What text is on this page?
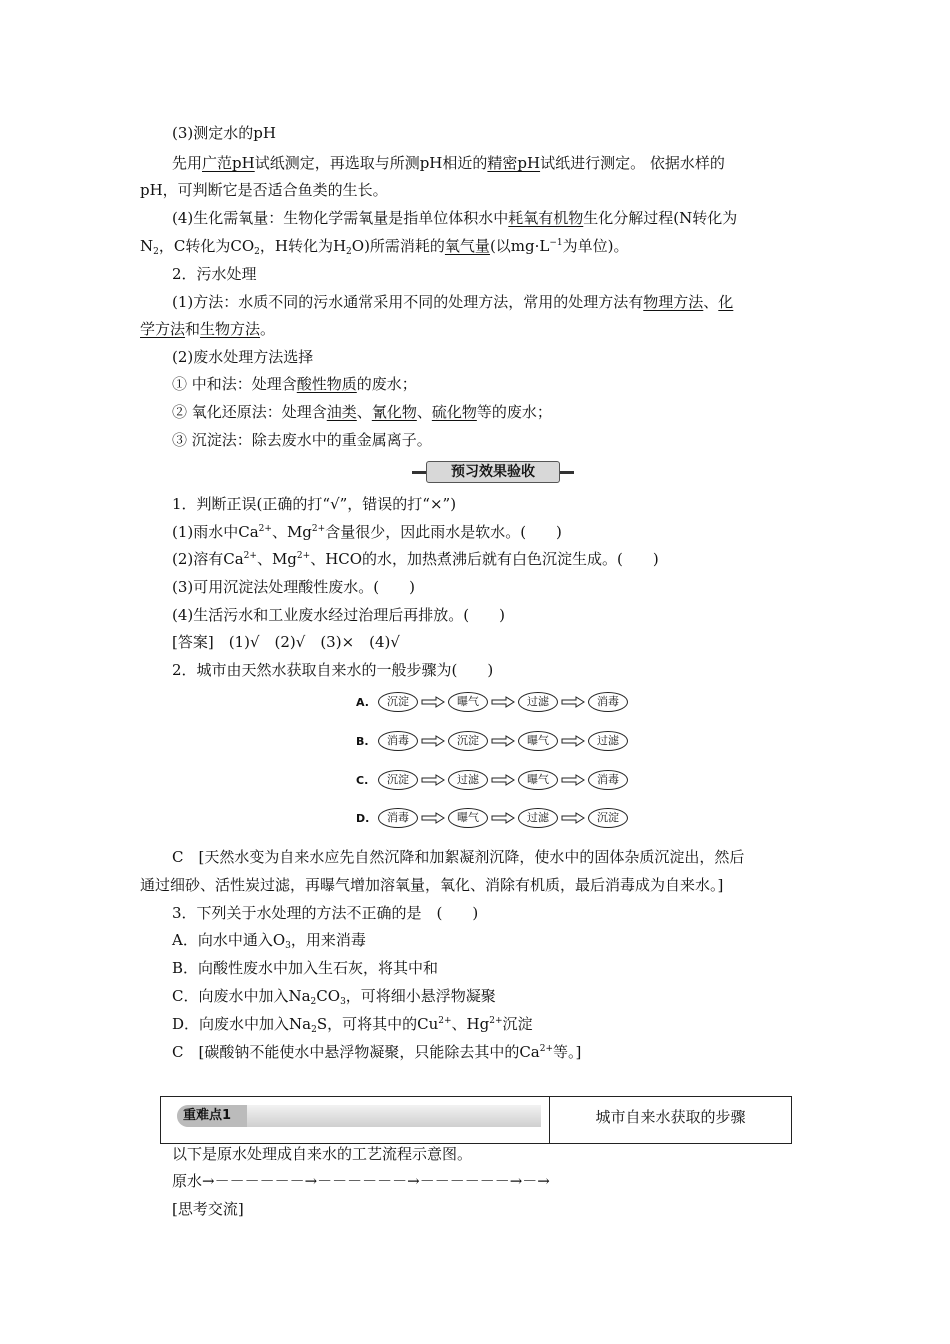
(3)测定水的pH
先用广范pH试纸测定，再选取与所测pH相近的精密pH试纸进行测定。 依据水样的
pH，可判断它是否适合鱼类的生长。
(4)生化需氧量：生物化学需氧量是指单位体积水中耗氧有机物生化分解过程(N转化为
$N_2$，C转化为$CO_2$，H转化为$H_2O$)所需消耗的氧气量(以$mg\cdot L^{-1}$为单位)。
2．污水处理
(1)方法：水质不同的污水通常采用不同的处理方法，常用的处理方法有物理方法、化
学方法和生物方法。
(2)废水处理方法选择
① 中和法：处理含酸性物质的废水；
② 氧化还原法：处理含油类、氰化物、硫化物等的废水；
③ 沉淀法：除去废水中的重金属离子。
预习效果验收
1．判断正误(正确的打“√”，错误的打“×”)
(1)雨水中$Ca^{2+}$、$Mg^{2+}$含量很少，因此雨水是软水。(　　)
(2)溶有$Ca^{2+}$、$Mg^{2+}$、HCO的水，加热煮沸后就有白色沉淀生成。(　　)
(3)可用沉淀法处理酸性废水。(　　)
(4)生活污水和工业废水经过治理后再排放。(　　)
[答案]　(1)√　(2)√　(3)×　(4)√
2．城市由天然水获取自来水的一般步骤为(　　)
A.	沉淀	曝气	过滤	消毒
B.	消毒	沉淀	曝气	过滤
C.	沉淀	过滤	曝气	消毒
D.	消毒	曝气	过滤	沉淀
C　[天然水变为自来水应先自然沉降和加絮凝剂沉降，使水中的固体杂质沉淀出，然后
通过细砂、活性炭过滤，再曝气增加溶氧量，氧化、消除有机质，最后消毒成为自来水。]
3．下列关于水处理的方法不正确的是　(　　)
A．向水中通入$O_3$，用来消毒
B．向酸性废水中加入生石灰，将其中和
C．向废水中加入$Na_2CO_3$，可将细小悬浮物凝聚
D．向废水中加入$Na_2S$，可将其中的$Cu^{2+}$、$Hg^{2+}$沉淀
C　[碳酸钠不能使水中悬浮物凝聚，只能除去其中的$Ca^{2+}$等。]
重难点1	城市自来水获取的步骤
以下是原水处理成自来水的工艺流程示意图。
原水→－－－－－－→－－－－－－→－－－－－－→－→
[思考交流]
